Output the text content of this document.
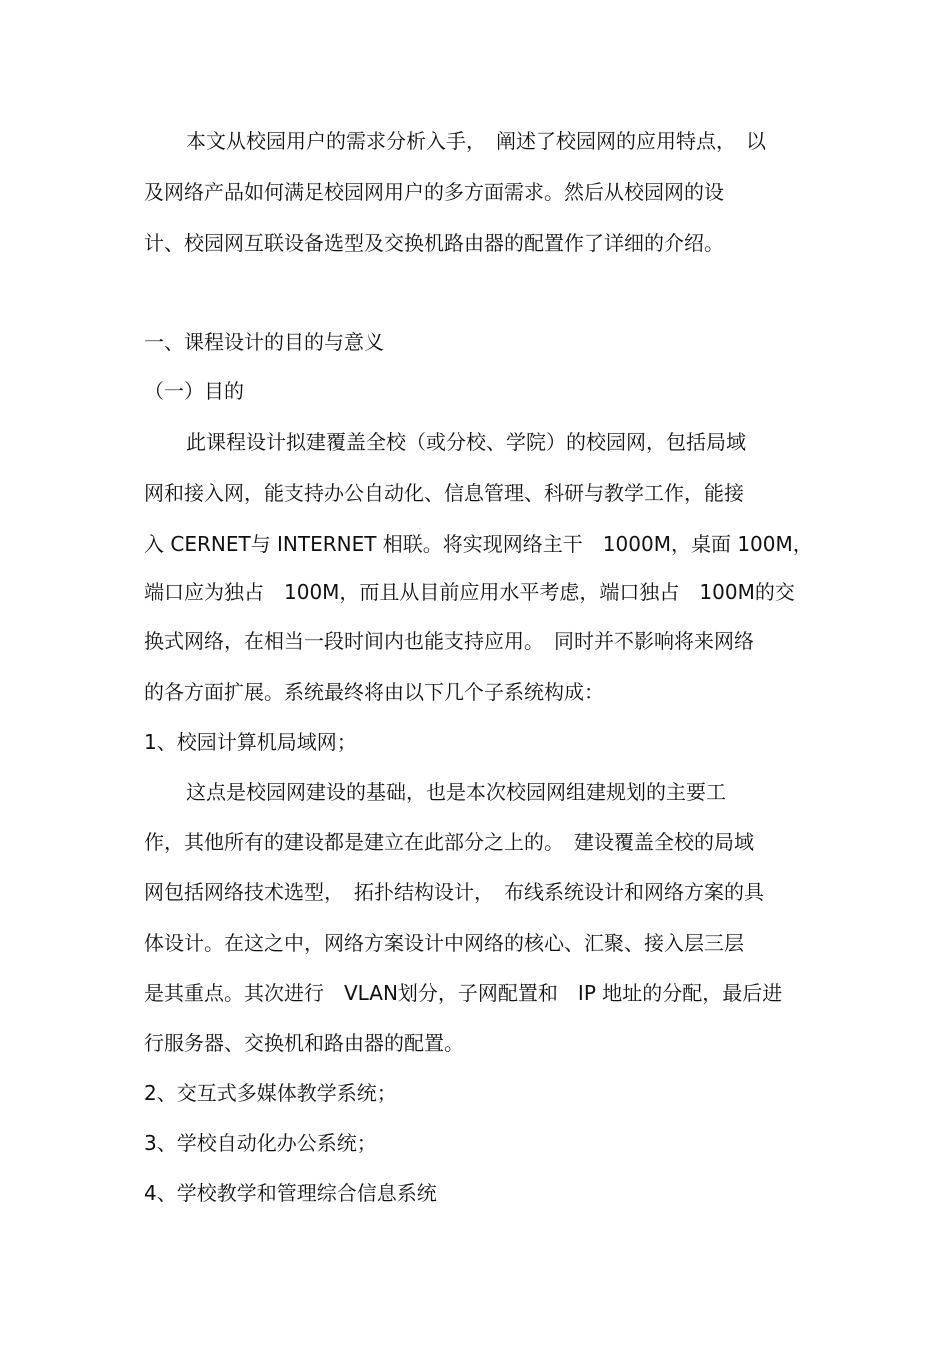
本文从校园用户的需求分析入手，　阐述了校园网的应用特点，　以
及网络产品如何满足校园网用户的多方面需求。然后从校园网的设
计、校园网互联设备选型及交换机路由器的配置作了详细的介绍。
一、课程设计的目的与意义
（一）目的
此课程设计拟建覆盖全校（或分校、学院）的校园网，包括局域
网和接入网，能支持办公自动化、信息管理、科研与教学工作，能接
入 CERNET与 INTERNET 相联。将实现网络主干　1000M，桌面 100M，
端口应为独占　100M，而且从目前应用水平考虑，端口独占　100M的交
换式网络，在相当一段时间内也能支持应用。　同时并不影响将来网络
的各方面扩展。系统最终将由以下几个子系统构成：
1、校园计算机局域网；
这点是校园网建设的基础，也是本次校园网组建规划的主要工
作，其他所有的建设都是建立在此部分之上的。　建设覆盖全校的局域
网包括网络技术选型，　拓扑结构设计，　布线系统设计和网络方案的具
体设计。在这之中，网络方案设计中网络的核心、汇聚、接入层三层
是其重点。其次进行　VLAN划分，子网配置和　IP 地址的分配，最后进
行服务器、交换机和路由器的配置。
2、交互式多媒体教学系统；
3、学校自动化办公系统；
4、学校教学和管理综合信息系统
